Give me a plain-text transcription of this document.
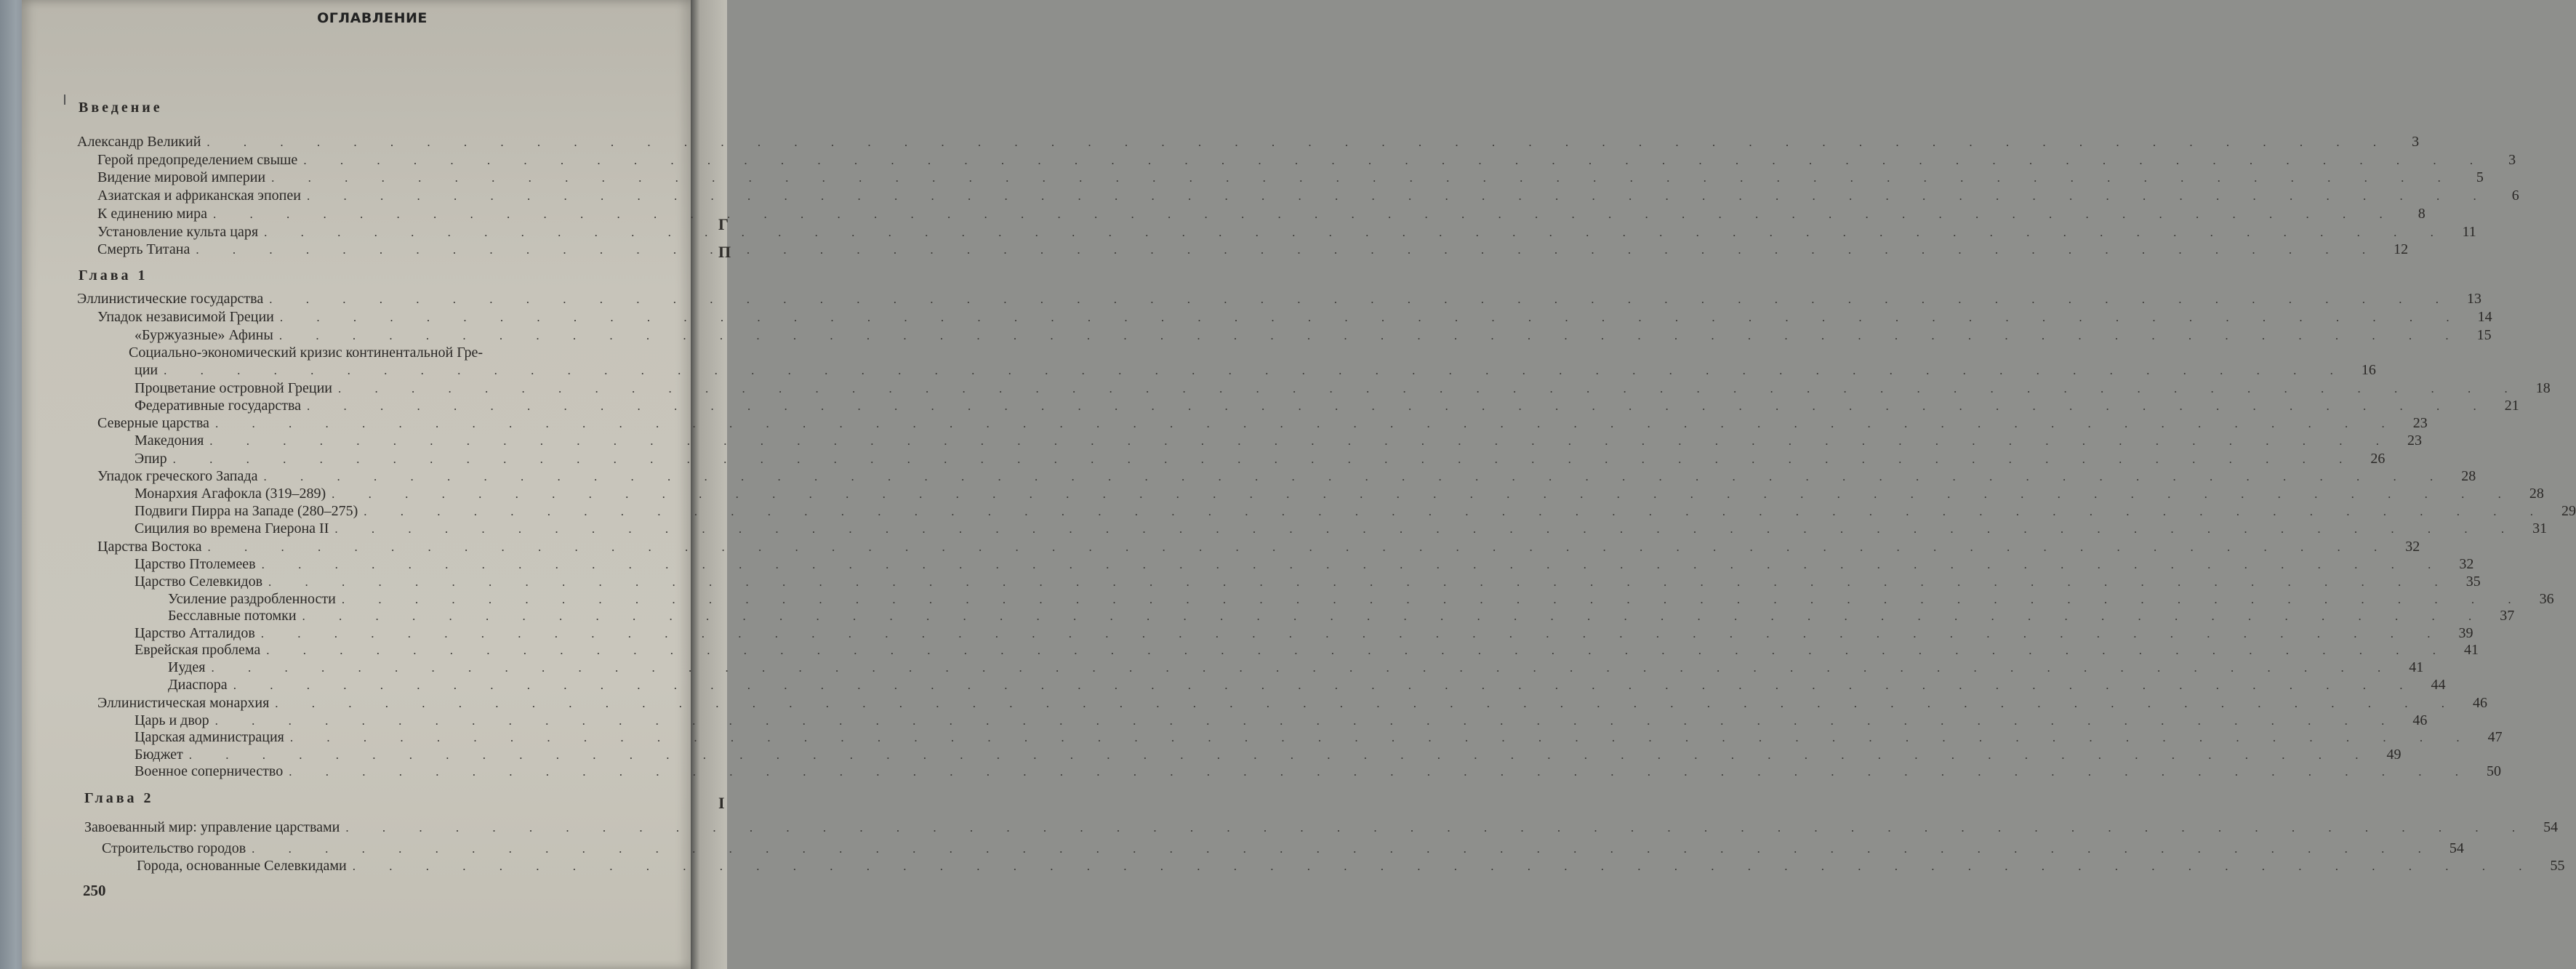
Г
П
I
ОГЛАВЛЕНИЕ
Введение
Александр Великий . . .	3
Герой предопределением свыше . . .	3
Видение мировой империи . . .	5
Азиатская и африканская эпопеи . . .	6
К единению мира . . .	8
Установление культа царя . . .	11
Смерть Титана . . .	12
Глава 1
Эллинистические государства . . .	13
Упадок независимой Греции . . .	14
«Буржуазные» Афины . . .	15
Социально-экономический кризис континентальной Гре-
ции . . .	16
Процветание островной Греции . . .	18
Федеративные государства . . .	21
Северные царства . . .	23
Македония . . .	23
Эпир . . .	26
Упадок греческого Запада . . .	28
Монархия Агафокла (319–289) . . .	28
Подвиги Пирра на Западе (280–275) . . .	29
Сицилия во времена Гиерона II . . .	31
Царства Востока . . .	32
Царство Птолемеев . . .	32
Царство Селевкидов . . .	35
Усиление раздробленности . . .	36
Бесславные потомки . . .	37
Царство Атталидов . . .	39
Еврейская проблема . . .	41
Иудея . . .	41
Диаспора . . .	44
Эллинистическая монархия . . .	46
Царь и двор . . .	46
Царская администрация . . .	47
Бюджет . . .	49
Военное соперничество . . .	50
Глава 2
Завоеванный мир: управление царствами . . .	54
Строительство городов . . .	54
Города, основанные Селевкидами . . .	55
250
